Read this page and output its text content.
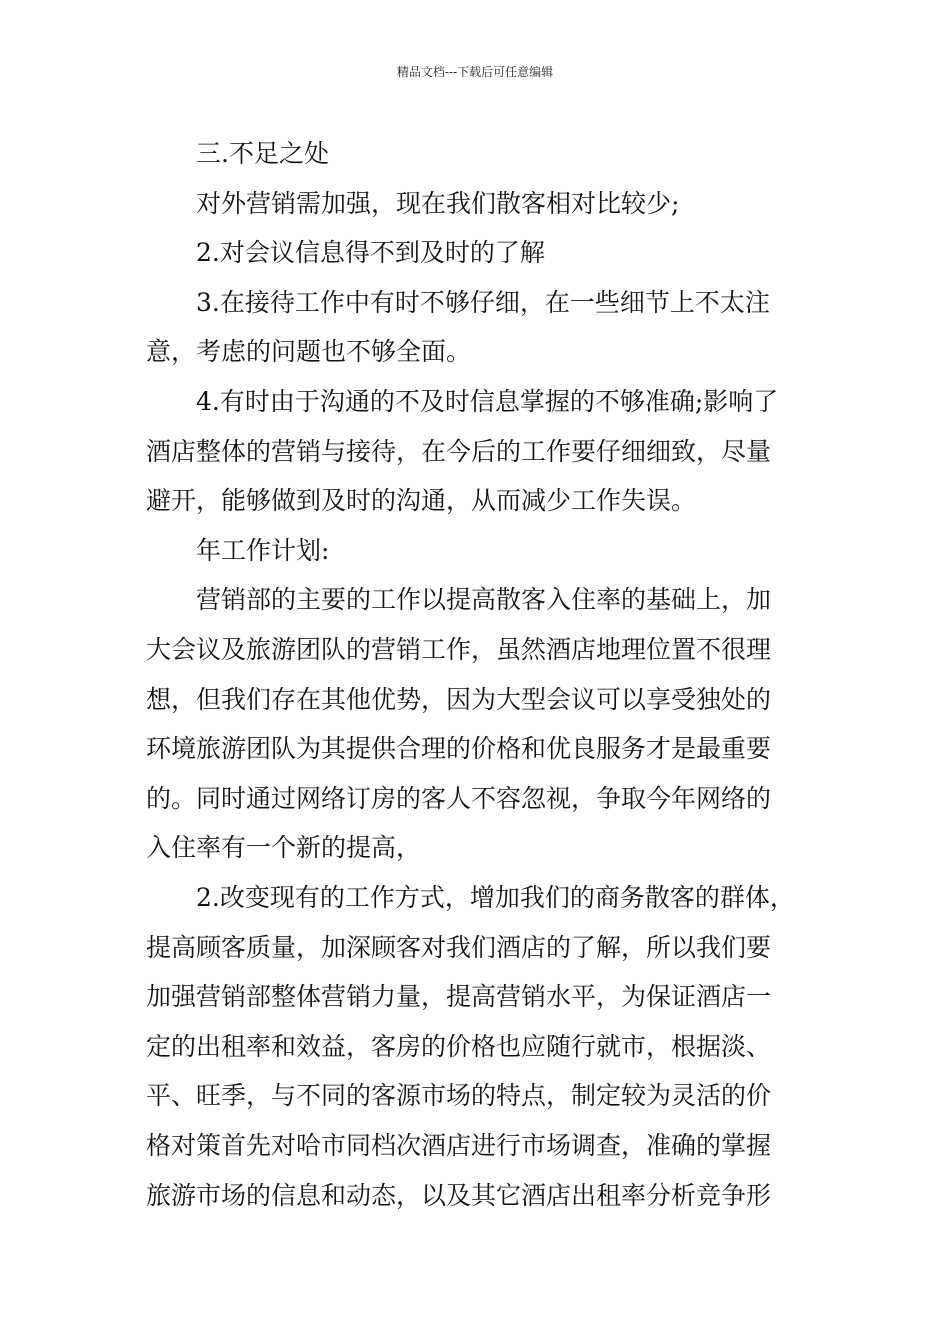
精品文档---下载后可任意编辑
三.不足之处
对外营销需加强，现在我们散客相对比较少;
2.对会议信息得不到及时的了解
3.在接待工作中有时不够仔细，在一些细节上不太注
意，考虑的问题也不够全面。
4.有时由于沟通的不及时信息掌握的不够准确;影响了
酒店整体的营销与接待，在今后的工作要仔细细致，尽量
避开，能够做到及时的沟通，从而减少工作失误。
年工作计划:
营销部的主要的工作以提高散客入住率的基础上，加
大会议及旅游团队的营销工作，虽然酒店地理位置不很理
想，但我们存在其他优势，因为大型会议可以享受独处的
环境旅游团队为其提供合理的价格和优良服务才是最重要
的。同时通过网络订房的客人不容忽视，争取今年网络的
入住率有一个新的提高，
2.改变现有的工作方式，增加我们的商务散客的群体，
提高顾客质量，加深顾客对我们酒店的了解，所以我们要
加强营销部整体营销力量，提高营销水平，为保证酒店一
定的出租率和效益，客房的价格也应随行就市，根据淡、
平、旺季，与不同的客源市场的特点，制定较为灵活的价
格对策首先对哈市同档次酒店进行市场调查，准确的掌握
旅游市场的信息和动态，以及其它酒店出租率分析竞争形
